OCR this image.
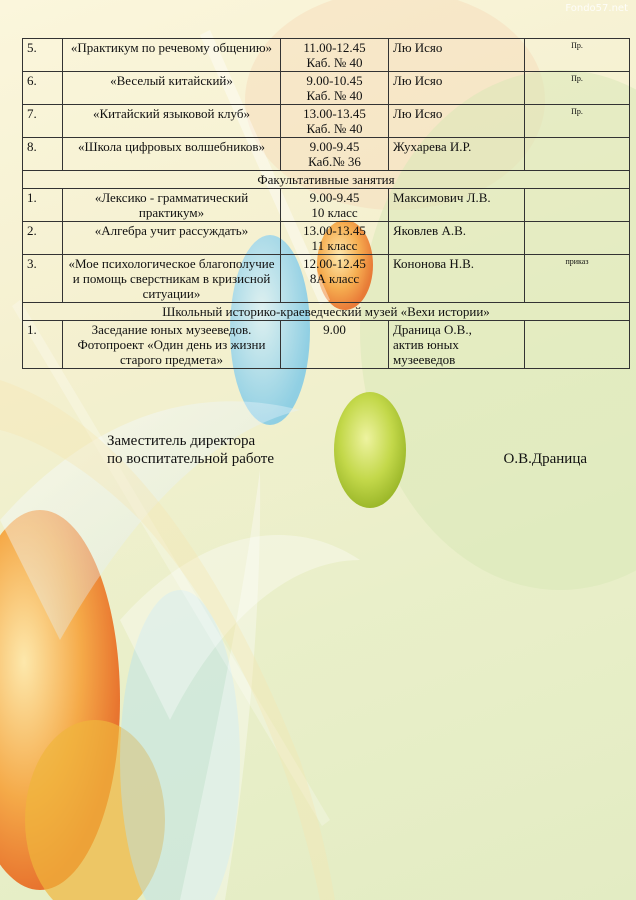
Fondo57.net
5.	«Практикум по речевому общению»	11.00-12.45
Каб. № 40	Лю Исяо	Пр.
6.	«Веселый китайский»	9.00-10.45
Каб. № 40	Лю Исяо	Пр.
7.	«Китайский языковой клуб»	13.00-13.45
Каб. № 40	Лю Исяо	Пр.
8.	«Школа цифровых волшебников»	9.00-9.45
Каб.№ 36	Жухарева И.Р.	
Факультативные занятия				
1.	«Лексико - грамматический практикум»	9.00-9.45
10 класс	Максимович Л.В.	
2.	«Алгебра учит рассуждать»	13.00-13.45
11 класс	Яковлев А.В.	
3.	«Мое психологическое благополучие и помощь сверстникам в кризисной ситуации»	12.00-12.45
8А класс	Кононова Н.В.	приказ
Школьный историко-краеведческий музей «Вехи истории»				
1.	Заседание юных музееведов. Фотопроект «Один день из жизни старого предмета»	9.00	Драница О.В.,
актив юных музееведов	
Заместитель директора
по воспитательной работе	О.В.Драница
